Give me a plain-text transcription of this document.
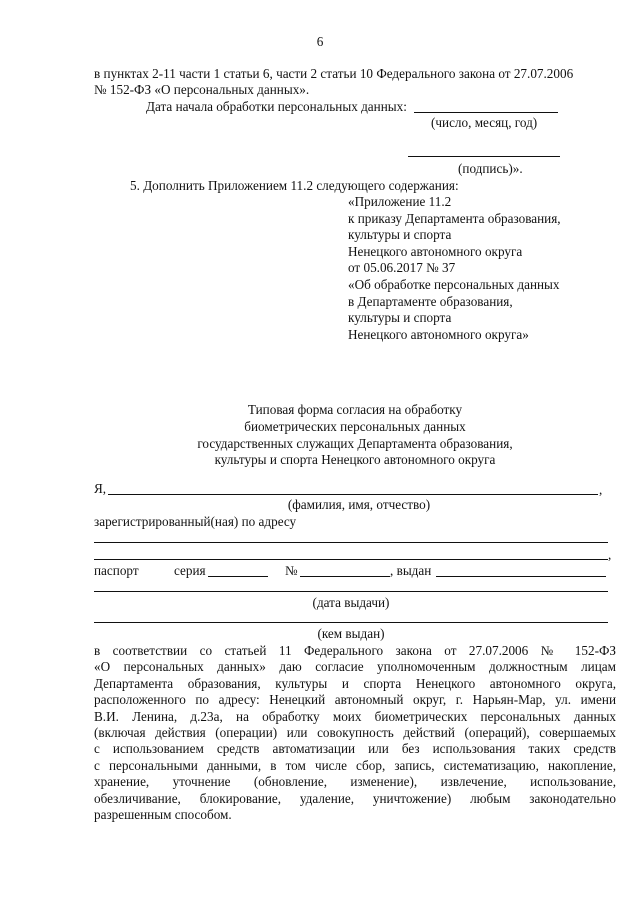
6
в пунктах 2-11 части 1 статьи 6, части 2 статьи 10 Федерального закона от 27.07.2006
№ 152-ФЗ «О персональных данных».
Дата начала обработки персональных данных:
(число, месяц, год)
(подпись)».
5. Дополнить Приложением 11.2 следующего содержания:
«Приложение 11.2
к приказу Департамента образования,
культуры и спорта
Ненецкого автономного округа
от 05.06.2017 № 37
«Об обработке персональных данных
в Департаменте образования,
культуры и спорта
Ненецкого автономного округа»
Типовая форма согласия на обработку
биометрических персональных данных
государственных служащих Департамента образования,
культуры и спорта Ненецкого автономного округа
Я,	,
(фамилия, имя, отчество)
зарегистрированный(ная) по адресу
,
паспорт	серия	№	, выдан
(дата выдачи)
(кем выдан)
в соответствии со статьей 11 Федерального закона от 27.07.2006 № 152-ФЗ
«О персональных данных» даю согласие уполномоченным должностным лицам
Департамента образования, культуры и спорта Ненецкого автономного округа,
расположенного по адресу: Ненецкий автономный округ, г. Нарьян-Мар, ул. имени
В.И. Ленина, д.23а, на обработку моих биометрических персональных данных
(включая действия (операции) или совокупность действий (операций), совершаемых
с использованием средств автоматизации или без использования таких средств
с персональными данными, в том числе сбор, запись, систематизацию, накопление,
хранение, уточнение (обновление, изменение), извлечение, использование,
обезличивание, блокирование, удаление, уничтожение) любым законодательно
разрешенным способом.
